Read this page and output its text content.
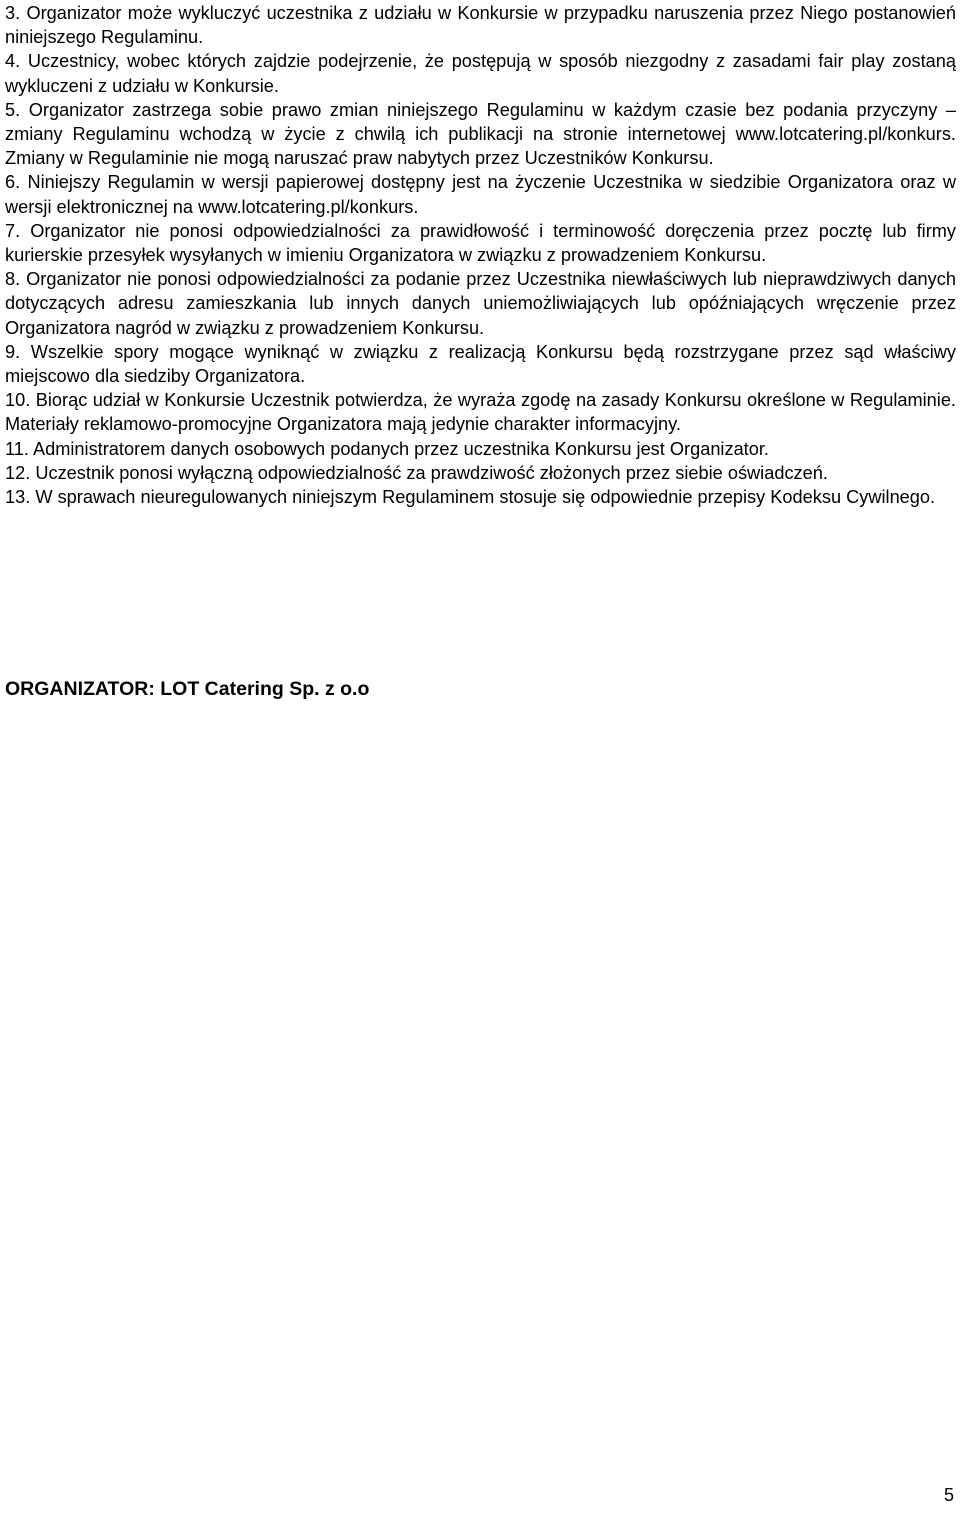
3. Organizator może wykluczyć uczestnika z udziału w Konkursie w przypadku naruszenia przez Niego postanowień niniejszego Regulaminu.

4. Uczestnicy, wobec których zajdzie podejrzenie, że postępują w sposób niezgodny z zasadami fair play zostaną wykluczeni z udziału w Konkursie.

5. Organizator zastrzega sobie prawo zmian niniejszego Regulaminu w każdym czasie bez podania przyczyny – zmiany Regulaminu wchodzą w życie z chwilą ich publikacji na stronie internetowej www.lotcatering.pl/konkurs. Zmiany w Regulaminie nie mogą naruszać praw nabytych przez Uczestników Konkursu.

6. Niniejszy Regulamin w wersji papierowej dostępny jest na życzenie Uczestnika w siedzibie Organizatora oraz w wersji elektronicznej na www.lotcatering.pl/konkurs.

7. Organizator nie ponosi odpowiedzialności za prawidłowość i terminowość doręczenia przez pocztę lub firmy kurierskie przesyłek wysyłanych w imieniu Organizatora w związku z prowadzeniem Konkursu.

8. Organizator nie ponosi odpowiedzialności za podanie przez Uczestnika niewłaściwych lub nieprawdziwych danych dotyczących adresu zamieszkania lub innych danych uniemożliwiających lub opóźniających wręczenie przez Organizatora nagród w związku z prowadzeniem Konkursu.

9. Wszelkie spory mogące wyniknąć w związku z realizacją Konkursu będą rozstrzygane przez sąd właściwy miejscowo dla siedziby Organizatora.

10. Biorąc udział w Konkursie Uczestnik potwierdza, że wyraża zgodę na zasady Konkursu określone w Regulaminie. Materiały reklamowo-promocyjne Organizatora mają jedynie charakter informacyjny.

11. Administratorem danych osobowych podanych przez uczestnika Konkursu jest Organizator.

12. Uczestnik ponosi wyłączną odpowiedzialność za prawdziwość złożonych przez siebie oświadczeń.

13. W sprawach nieuregulowanych niniejszym Regulaminem stosuje się odpowiednie przepisy Kodeksu Cywilnego.

ORGANIZATOR: LOT Catering Sp. z o.o

5
